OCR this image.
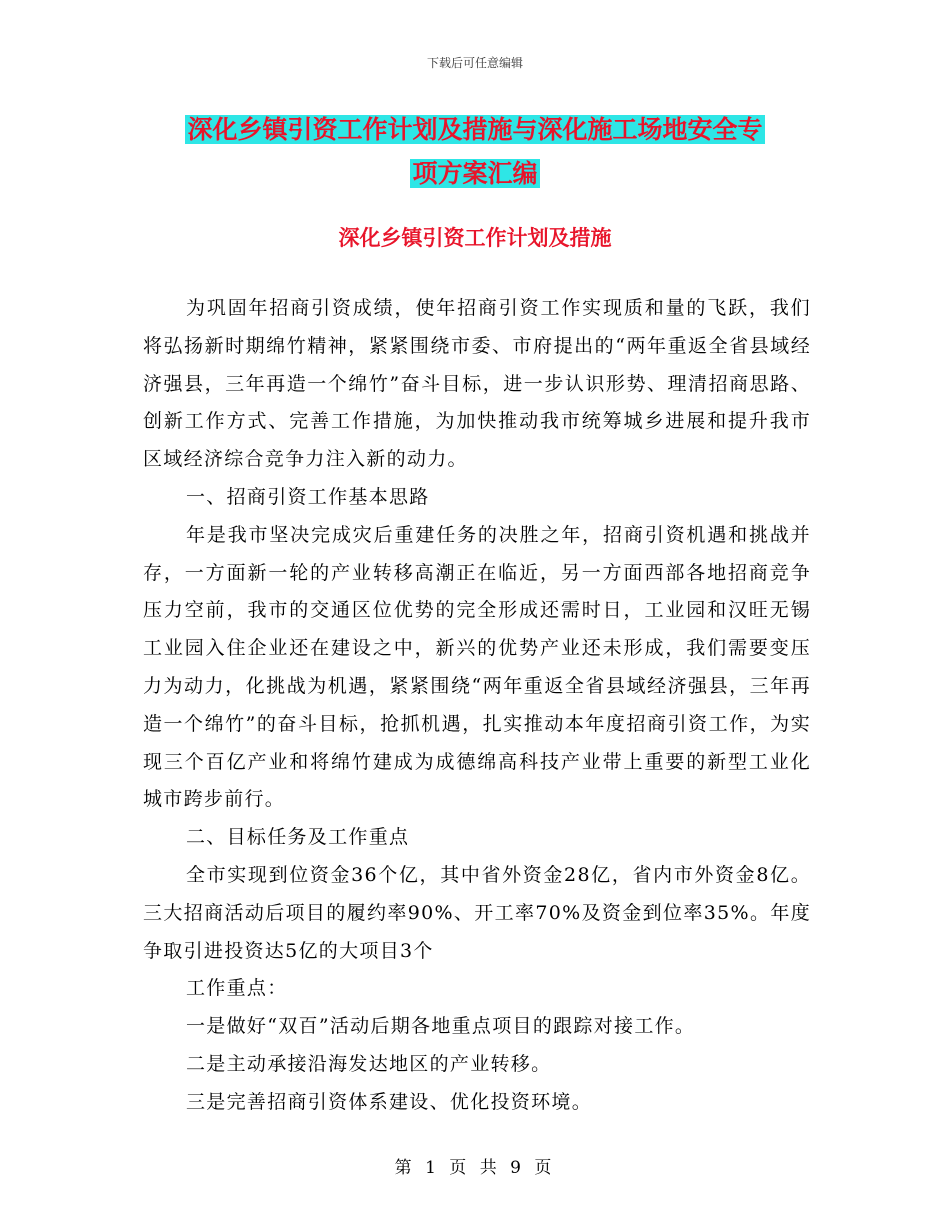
下载后可任意编辑
深化乡镇引资工作计划及措施与深化施工场地安全专
项方案汇编
深化乡镇引资工作计划及措施

为巩固年招商引资成绩，使年招商引资工作实现质和量的飞跃，我们将弘扬新时期绵竹精神，紧紧围绕市委、市府提出的“两年重返全省县域经济强县，三年再造一个绵竹”奋斗目标，进一步认识形势、理清招商思路、创新工作方式、完善工作措施，为加快推动我市统筹城乡进展和提升我市区域经济综合竞争力注入新的动力。

一、招商引资工作基本思路

年是我市坚决完成灾后重建任务的决胜之年，招商引资机遇和挑战并存，一方面新一轮的产业转移高潮正在临近，另一方面西部各地招商竞争压力空前，我市的交通区位优势的完全形成还需时日，工业园和汉旺无锡工业园入住企业还在建设之中，新兴的优势产业还未形成，我们需要变压力为动力，化挑战为机遇，紧紧围绕“两年重返全省县域经济强县，三年再造一个绵竹”的奋斗目标，抢抓机遇，扎实推动本年度招商引资工作，为实现三个百亿产业和将绵竹建成为成德绵高科技产业带上重要的新型工业化城市跨步前行。

二、目标任务及工作重点

全市实现到位资金36个亿，其中省外资金28亿，省内市外资金8亿。三大招商活动后项目的履约率90%、开工率70%及资金到位率35%。年度争取引进投资达5亿的大项目3个

工作重点：

一是做好“双百”活动后期各地重点项目的跟踪对接工作。

二是主动承接沿海发达地区的产业转移。

三是完善招商引资体系建设、优化投资环境。

第 1 页 共 9 页
